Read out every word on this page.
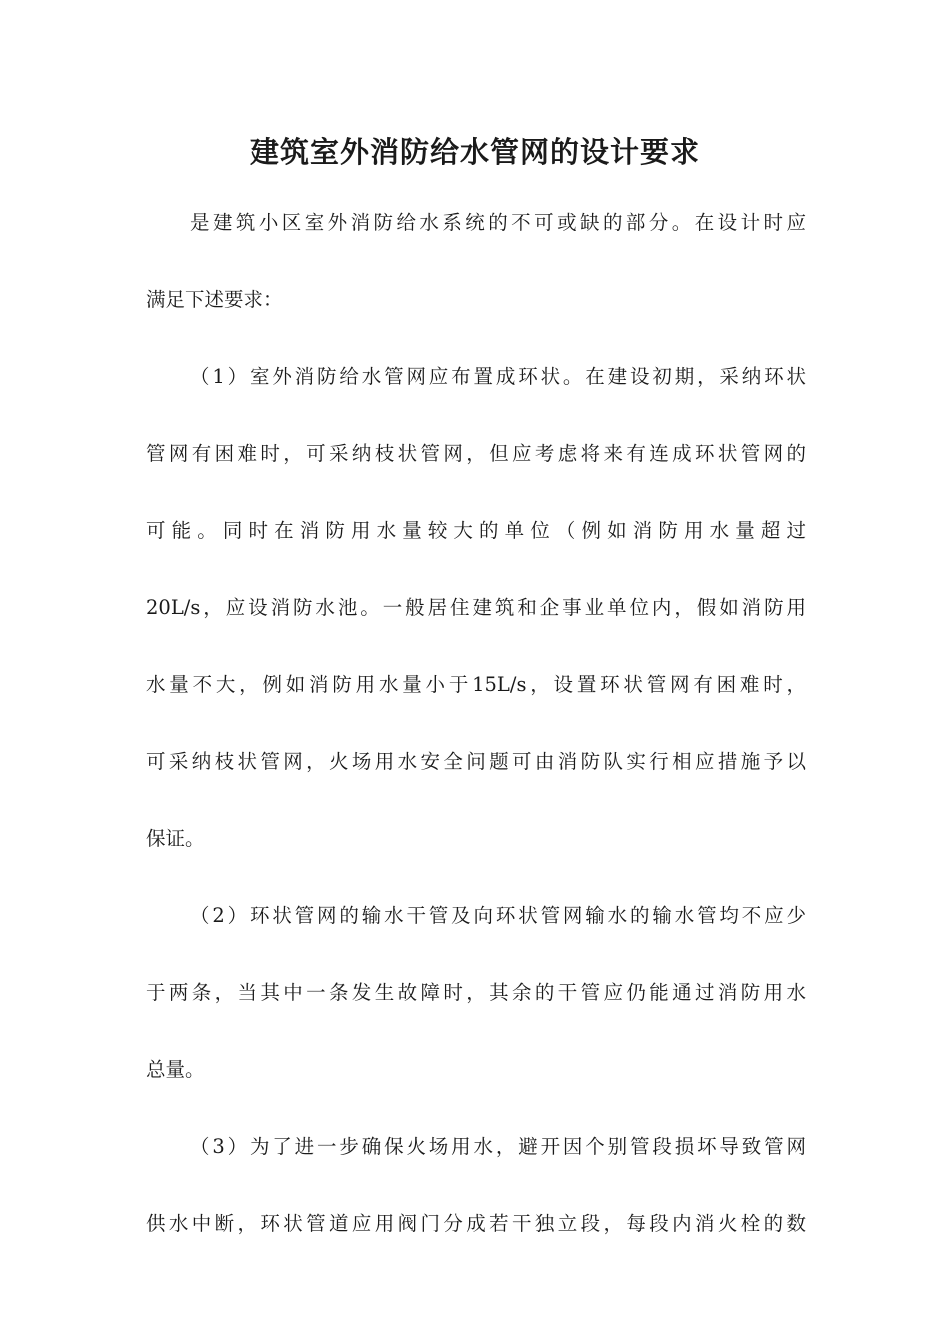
建筑室外消防给水管网的设计要求

是建筑小区室外消防给水系统的不可或缺的部分。在设计时应

满足下述要求：

（1）室外消防给水管网应布置成环状。在建设初期，采纳环状

管网有困难时，可采纳枝状管网，但应考虑将来有连成环状管网的

可能。同时在消防用水量较大的单位（例如消防用水量超过

20L/s，应设消防水池。一般居住建筑和企事业单位内，假如消防用

水量不大，例如消防用水量小于15L/s，设置环状管网有困难时，

可采纳枝状管网，火场用水安全问题可由消防队实行相应措施予以

保证。

（2）环状管网的输水干管及向环状管网输水的输水管均不应少

于两条，当其中一条发生故障时，其余的干管应仍能通过消防用水

总量。

（3）为了进一步确保火场用水，避开因个别管段损坏导致管网

供水中断，环状管道应用阀门分成若干独立段，每段内消火栓的数
